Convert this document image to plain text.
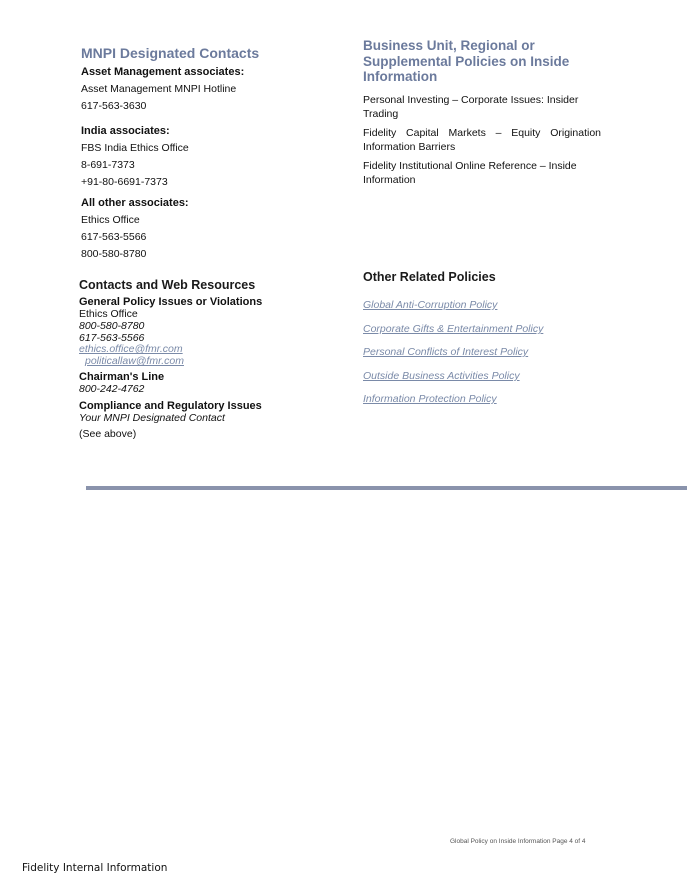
MNPI Designated Contacts
Asset Management associates:
Asset Management MNPI Hotline
617-563-3630
India associates:
FBS India Ethics Office
8-691-7373
+91-80-6691-7373
All other associates:
Ethics Office
617-563-5566
800-580-8780
Contacts and Web Resources
General Policy Issues or Violations
Ethics Office
800-580-8780
617-563-5566
ethics.office@fmr.com
politicallaw@fmr.com
Chairman's Line
800-242-4762
Compliance and Regulatory Issues
Your MNPI Designated Contact
(See above)
Business Unit, Regional or Supplemental Policies on Inside Information
Personal Investing – Corporate Issues: Insider Trading
Fidelity Capital Markets – Equity Origination Information Barriers
Fidelity Institutional Online Reference – Inside Information
Other Related Policies
Global Anti-Corruption Policy
Corporate Gifts & Entertainment Policy
Personal Conflicts of Interest Policy
Outside Business Activities Policy
Information Protection Policy
Global Policy on Inside Information Page 4 of 4
Fidelity Internal Information
